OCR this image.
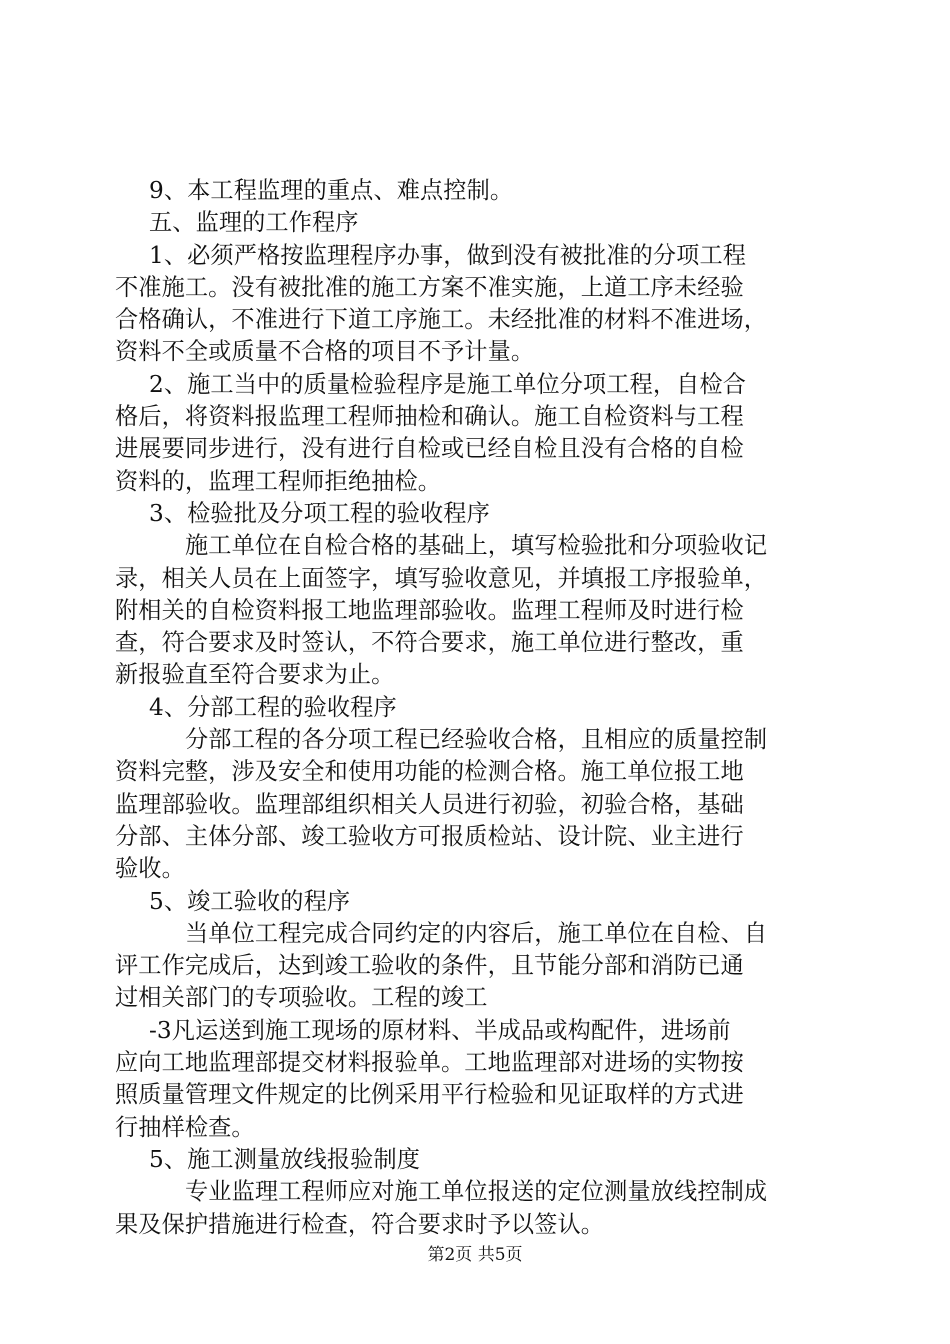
9、本工程监理的重点、难点控制。
五、监理的工作程序
1、必须严格按监理程序办事，做到没有被批准的分项工程
不准施工。没有被批准的施工方案不准实施，上道工序未经验
合格确认，不准进行下道工序施工。未经批准的材料不准进场，
资料不全或质量不合格的项目不予计量。
2、施工当中的质量检验程序是施工单位分项工程，自检合
格后，将资料报监理工程师抽检和确认。施工自检资料与工程
进展要同步进行，没有进行自检或已经自检且没有合格的自检
资料的，监理工程师拒绝抽检。
3、检验批及分项工程的验收程序
施工单位在自检合格的基础上，填写检验批和分项验收记
录，相关人员在上面签字，填写验收意见，并填报工序报验单，
附相关的自检资料报工地监理部验收。监理工程师及时进行检
查，符合要求及时签认，不符合要求，施工单位进行整改，重
新报验直至符合要求为止。
4、分部工程的验收程序
分部工程的各分项工程已经验收合格，且相应的质量控制
资料完整，涉及安全和使用功能的检测合格。施工单位报工地
监理部验收。监理部组织相关人员进行初验，初验合格，基础
分部、主体分部、竣工验收方可报质检站、设计院、业主进行
验收。
5、竣工验收的程序
当单位工程完成合同约定的内容后，施工单位在自检、自
评工作完成后，达到竣工验收的条件，且节能分部和消防已通
过相关部门的专项验收。工程的竣工
-3凡运送到施工现场的原材料、半成品或构配件，进场前
应向工地监理部提交材料报验单。工地监理部对进场的实物按
照质量管理文件规定的比例采用平行检验和见证取样的方式进
行抽样检查。
5、施工测量放线报验制度
专业监理工程师应对施工单位报送的定位测量放线控制成
果及保护措施进行检查，符合要求时予以签认。
第2页 共5页
